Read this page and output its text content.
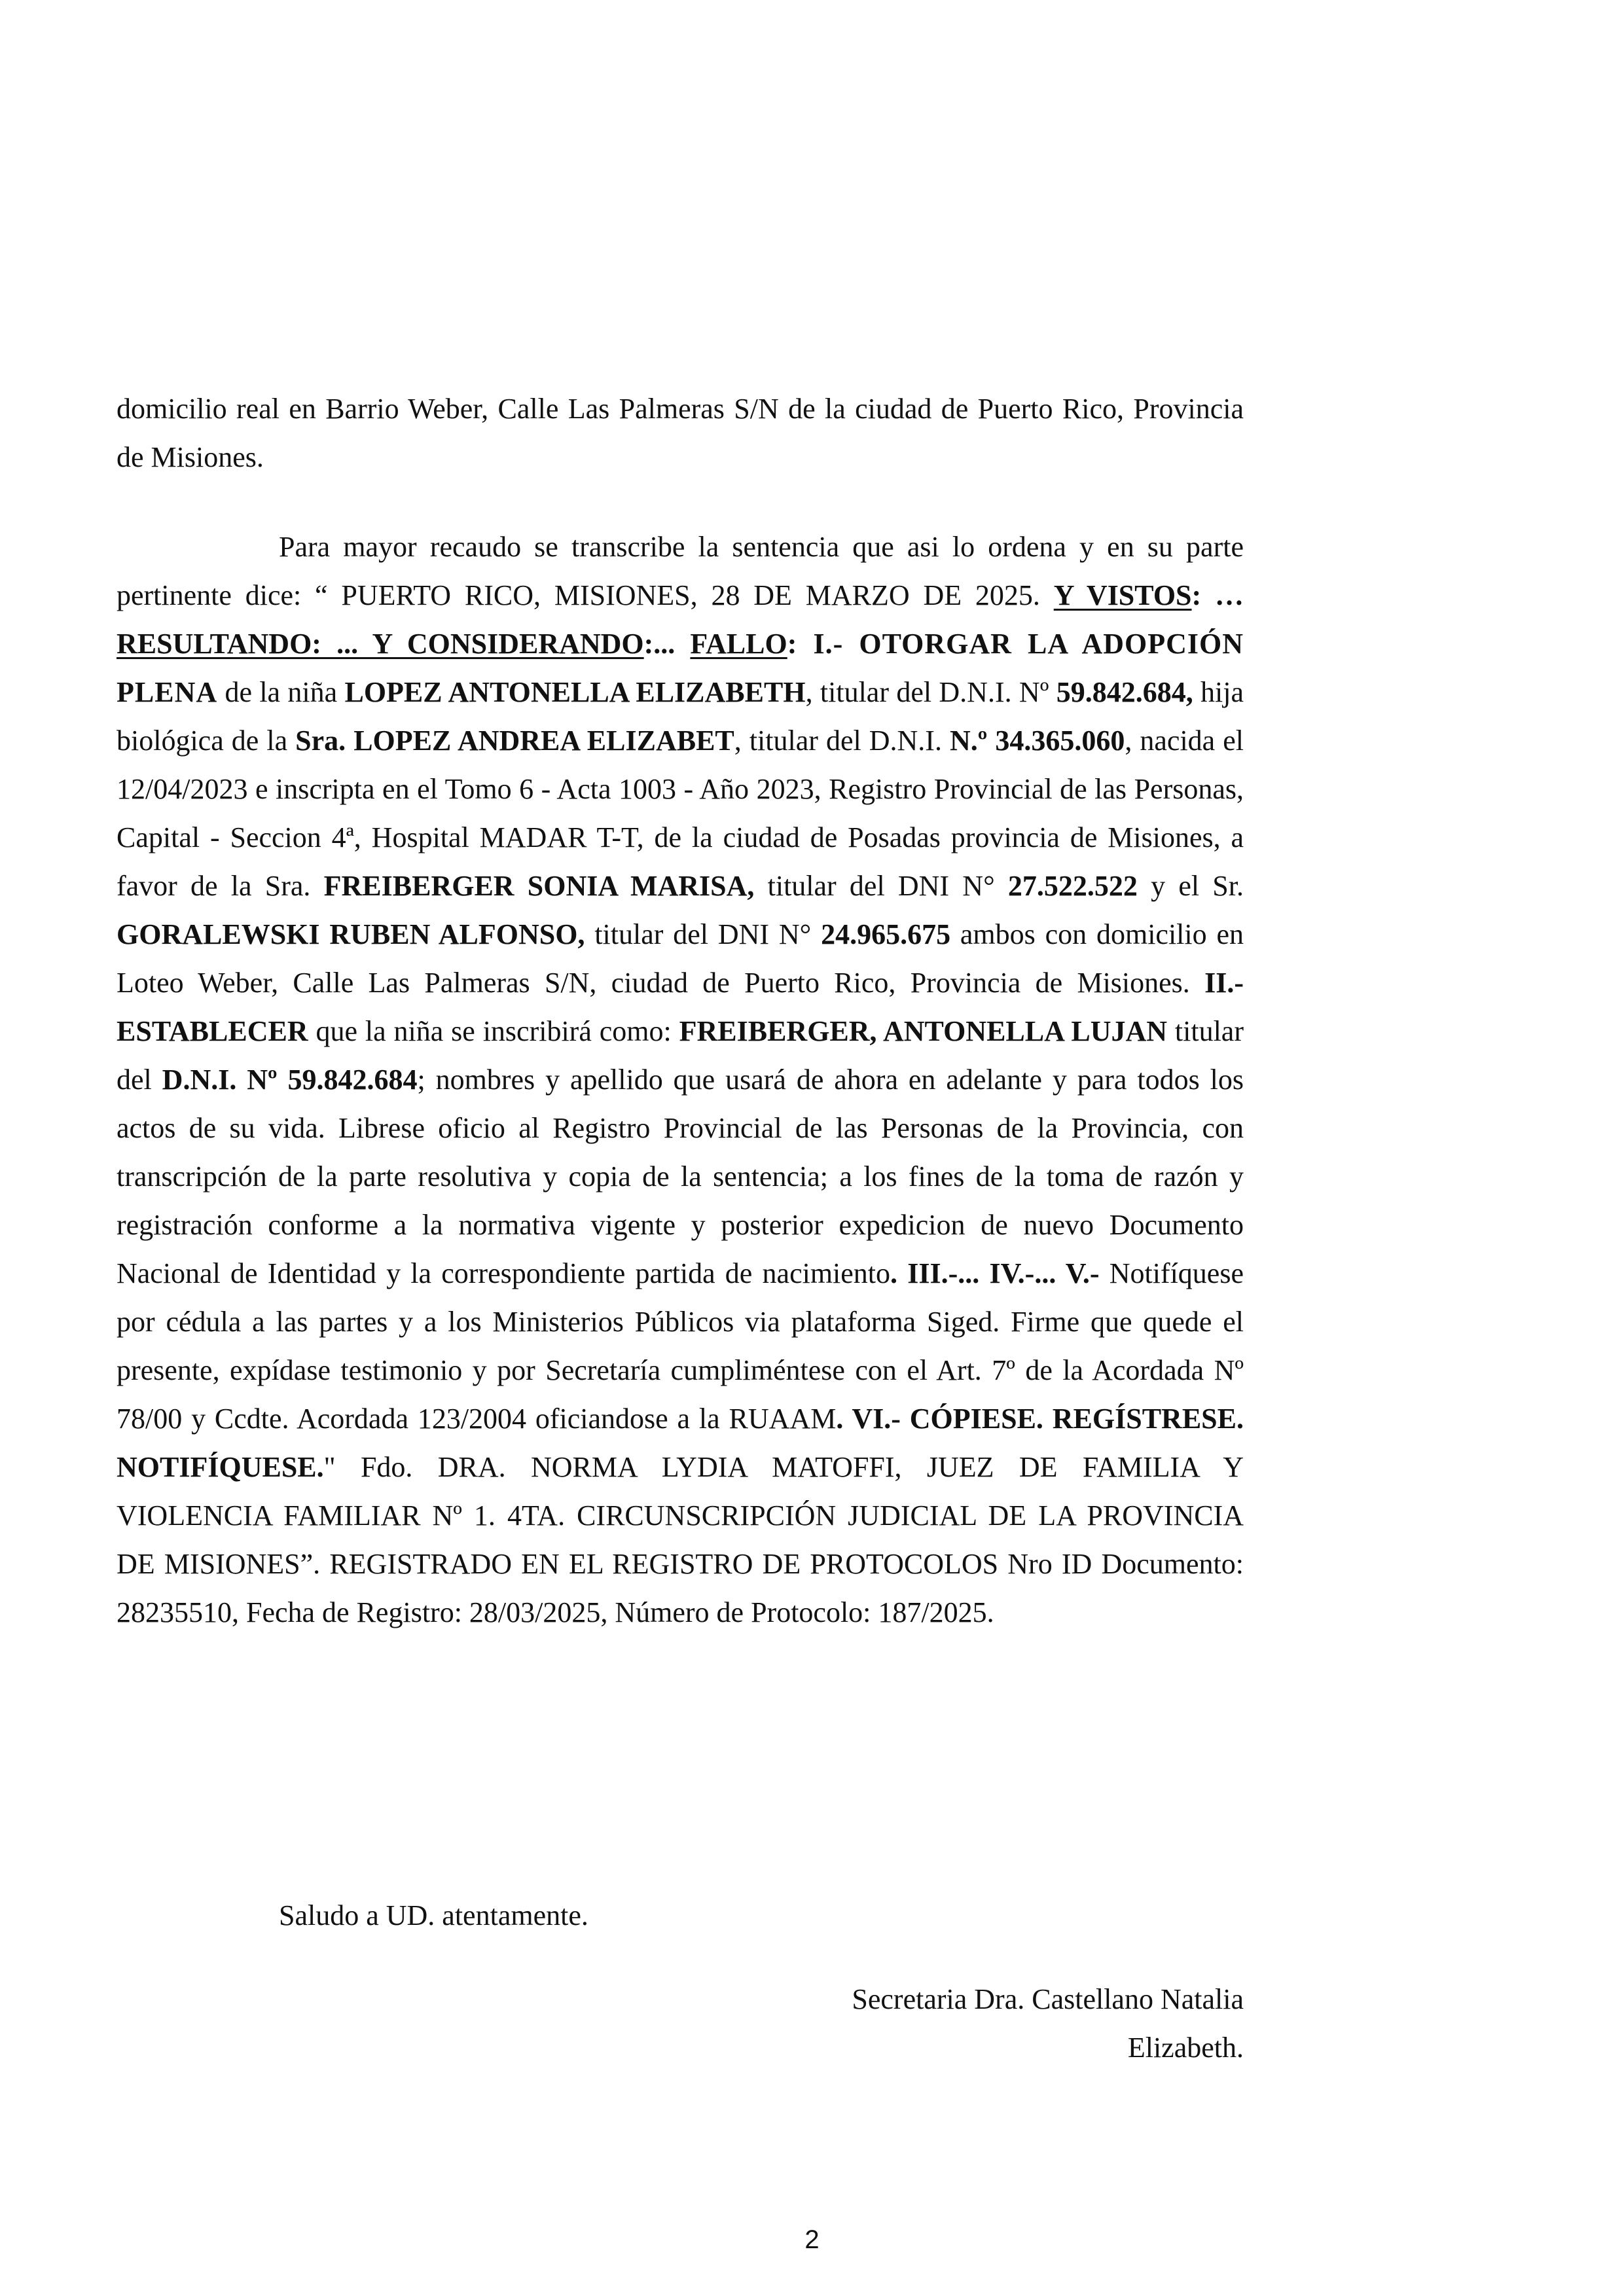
domicilio real en Barrio Weber, Calle Las Palmeras S/N de la ciudad de Puerto Rico, Provincia de Misiones.

Para mayor recaudo se transcribe la sentencia que asi lo ordena y en su parte pertinente dice: “ PUERTO RICO, MISIONES, 28 DE MARZO DE 2025. Y VISTOS: …RESULTANDO: ... Y CONSIDERANDO:... FALLO: I.- OTORGAR LA ADOPCIÓN PLENA de la niña LOPEZ ANTONELLA ELIZABETH, titular del D.N.I. Nº 59.842.684, hija biológica de la Sra. LOPEZ ANDREA ELIZABET, titular del D.N.I. N.º 34.365.060, nacida el 12/04/2023 e inscripta en el Tomo 6 - Acta 1003 - Año 2023, Registro Provincial de las Personas, Capital - Seccion 4ª, Hospital MADAR T-T, de la ciudad de Posadas provincia de Misiones, a favor de la Sra. FREIBERGER SONIA MARISA, titular del DNI N° 27.522.522 y el Sr. GORALEWSKI RUBEN ALFONSO, titular del DNI N° 24.965.675 ambos con domicilio en Loteo Weber, Calle Las Palmeras S/N, ciudad de Puerto Rico, Provincia de Misiones. II.- ESTABLECER que la niña se inscribirá como: FREIBERGER, ANTONELLA LUJAN titular del D.N.I. Nº 59.842.684; nombres y apellido que usará de ahora en adelante y para todos los actos de su vida. Librese oficio al Registro Provincial de las Personas de la Provincia, con transcripción de la parte resolutiva y copia de la sentencia; a los fines de la toma de razón y registración conforme a la normativa vigente y posterior expedicion de nuevo Documento Nacional de Identidad y la correspondiente partida de nacimiento. III.-... IV.-... V.- Notifíquese por cédula a las partes y a los Ministerios Públicos via plataforma Siged. Firme que quede el presente, expídase testimonio y por Secretaría cumpliméntese con el Art. 7º de la Acordada Nº 78/00 y Ccdte. Acordada 123/2004 oficiandose a la RUAAM. VI.- CÓPIESE. REGÍSTRESE. NOTIFÍQUESE." Fdo. DRA. NORMA LYDIA MATOFFI, JUEZ DE FAMILIA Y VIOLENCIA FAMILIAR Nº 1. 4TA. CIRCUNSCRIPCIÓN JUDICIAL DE LA PROVINCIA DE MISIONES”. REGISTRADO EN EL REGISTRO DE PROTOCOLOS Nro ID Documento: 28235510, Fecha de Registro: 28/03/2025, Número de Protocolo: 187/2025.

Saludo a UD. atentamente.
Secretaria Dra. Castellano Natalia
Elizabeth.
2
